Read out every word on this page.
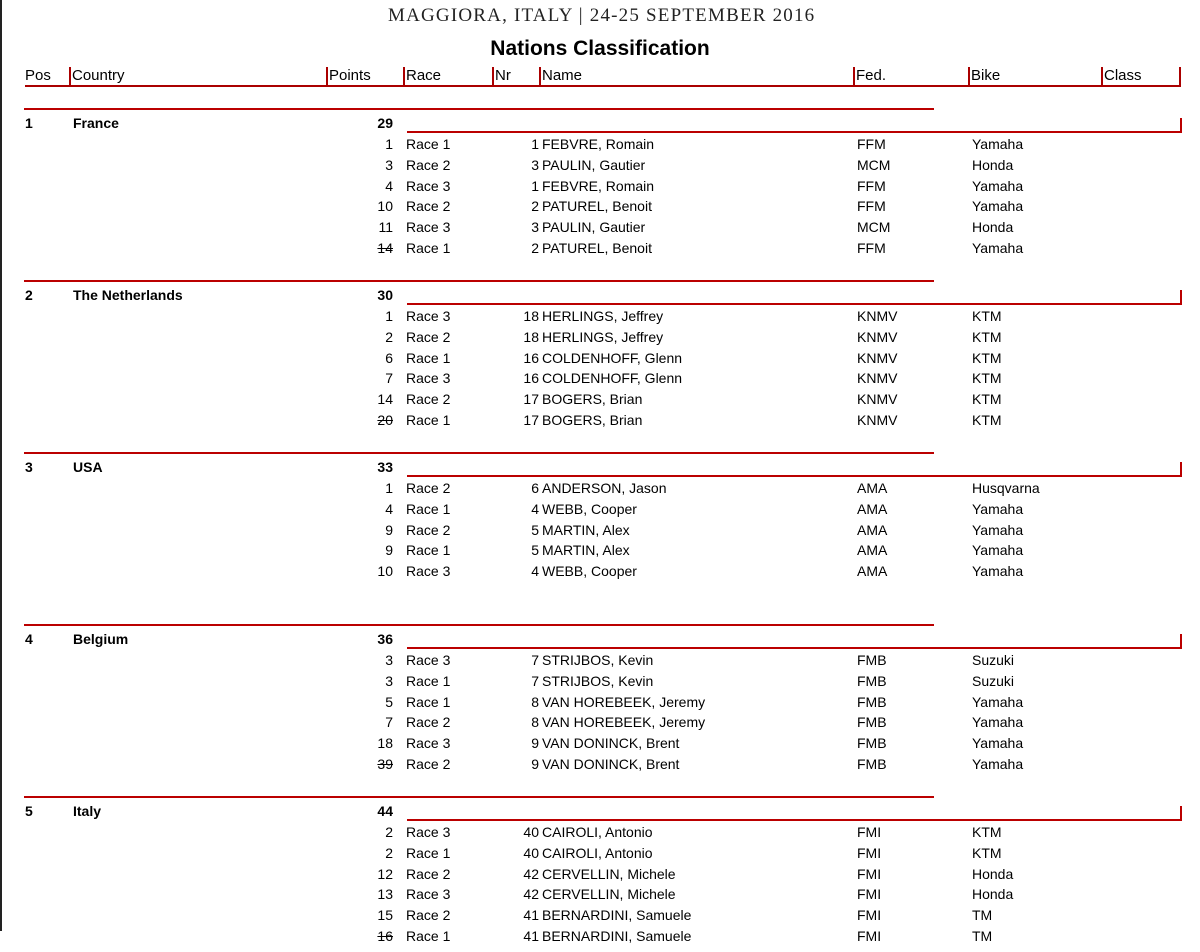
MAGGIORA, ITALY | 24-25 SEPTEMBER 2016
Nations Classification
Pos	Country	Points	Race	Nr	Name	Fed.	Bike	Class
1	France	29
1 Race 1	1 FEBVRE, Romain	FFM	Yamaha
3 Race 2	3 PAULIN, Gautier	MCM	Honda
4 Race 3	1 FEBVRE, Romain	FFM	Yamaha
10 Race 2	2 PATUREL, Benoit	FFM	Yamaha
11 Race 3	3 PAULIN, Gautier	MCM	Honda
14 Race 1	2 PATUREL, Benoit	FFM	Yamaha
2	The Netherlands	30
1 Race 3	18 HERLINGS, Jeffrey	KNMV	KTM
2 Race 2	18 HERLINGS, Jeffrey	KNMV	KTM
6 Race 1	16 COLDENHOFF, Glenn	KNMV	KTM
7 Race 3	16 COLDENHOFF, Glenn	KNMV	KTM
14 Race 2	17 BOGERS, Brian	KNMV	KTM
20 Race 1	17 BOGERS, Brian	KNMV	KTM
3	USA	33
1 Race 2	6 ANDERSON, Jason	AMA	Husqvarna
4 Race 1	4 WEBB, Cooper	AMA	Yamaha
9 Race 2	5 MARTIN, Alex	AMA	Yamaha
9 Race 1	5 MARTIN, Alex	AMA	Yamaha
10 Race 3	4 WEBB, Cooper	AMA	Yamaha
4	Belgium	36
3 Race 3	7 STRIJBOS, Kevin	FMB	Suzuki
3 Race 1	7 STRIJBOS, Kevin	FMB	Suzuki
5 Race 1	8 VAN HOREBEEK, Jeremy	FMB	Yamaha
7 Race 2	8 VAN HOREBEEK, Jeremy	FMB	Yamaha
18 Race 3	9 VAN DONINCK, Brent	FMB	Yamaha
39 Race 2	9 VAN DONINCK, Brent	FMB	Yamaha
5	Italy	44
2 Race 3	40 CAIROLI, Antonio	FMI	KTM
2 Race 1	40 CAIROLI, Antonio	FMI	KTM
12 Race 2	42 CERVELLIN, Michele	FMI	Honda
13 Race 3	42 CERVELLIN, Michele	FMI	Honda
15 Race 2	41 BERNARDINI, Samuele	FMI	TM
16 Race 1	41 BERNARDINI, Samuele	FMI	TM
